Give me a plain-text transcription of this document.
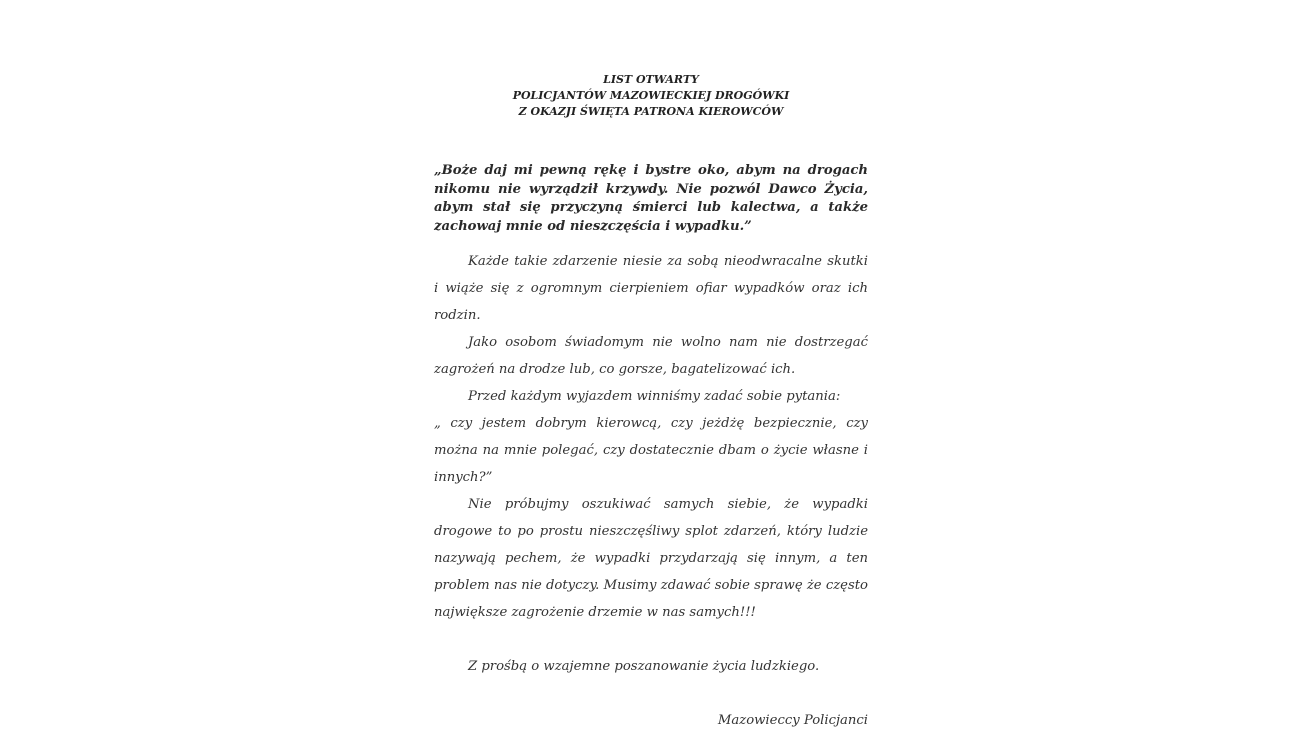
LIST OTWARTY
POLICJANTÓW MAZOWIECKIEJ DROGÓWKI
Z OKAZJI ŚWIĘTA PATRONA KIEROWCÓW

„Boże daj mi pewną rękę i bystre oko, abym na drogach nikomu nie wyrządził krzywdy. Nie pozwól Dawco Życia, abym stał się przyczyną śmierci lub kalectwa, a także zachowaj mnie od nieszczęścia i wypadku.”

Każde takie zdarzenie niesie za sobą nieodwracalne skutki i wiąże się z ogromnym cierpieniem ofiar wypadków oraz ich rodzin.

Jako osobom świadomym nie wolno nam nie dostrzegać zagrożeń na drodze lub, co gorsze, bagatelizować ich.

Przed każdym wyjazdem winniśmy zadać sobie pytania:

„ czy jestem dobrym kierowcą, czy jeżdżę bezpiecznie, czy można na mnie polegać, czy dostatecznie dbam o życie własne i innych?”

Nie próbujmy oszukiwać samych siebie, że wypadki drogowe to po prostu nieszczęśliwy splot zdarzeń, który ludzie nazywają pechem, że wypadki przydarzają się innym, a ten problem nas nie dotyczy. Musimy zdawać sobie sprawę że często największe zagrożenie drzemie w nas samych!!!

Z prośbą o wzajemne poszanowanie życia ludzkiego.

Mazowieccy Policjanci
